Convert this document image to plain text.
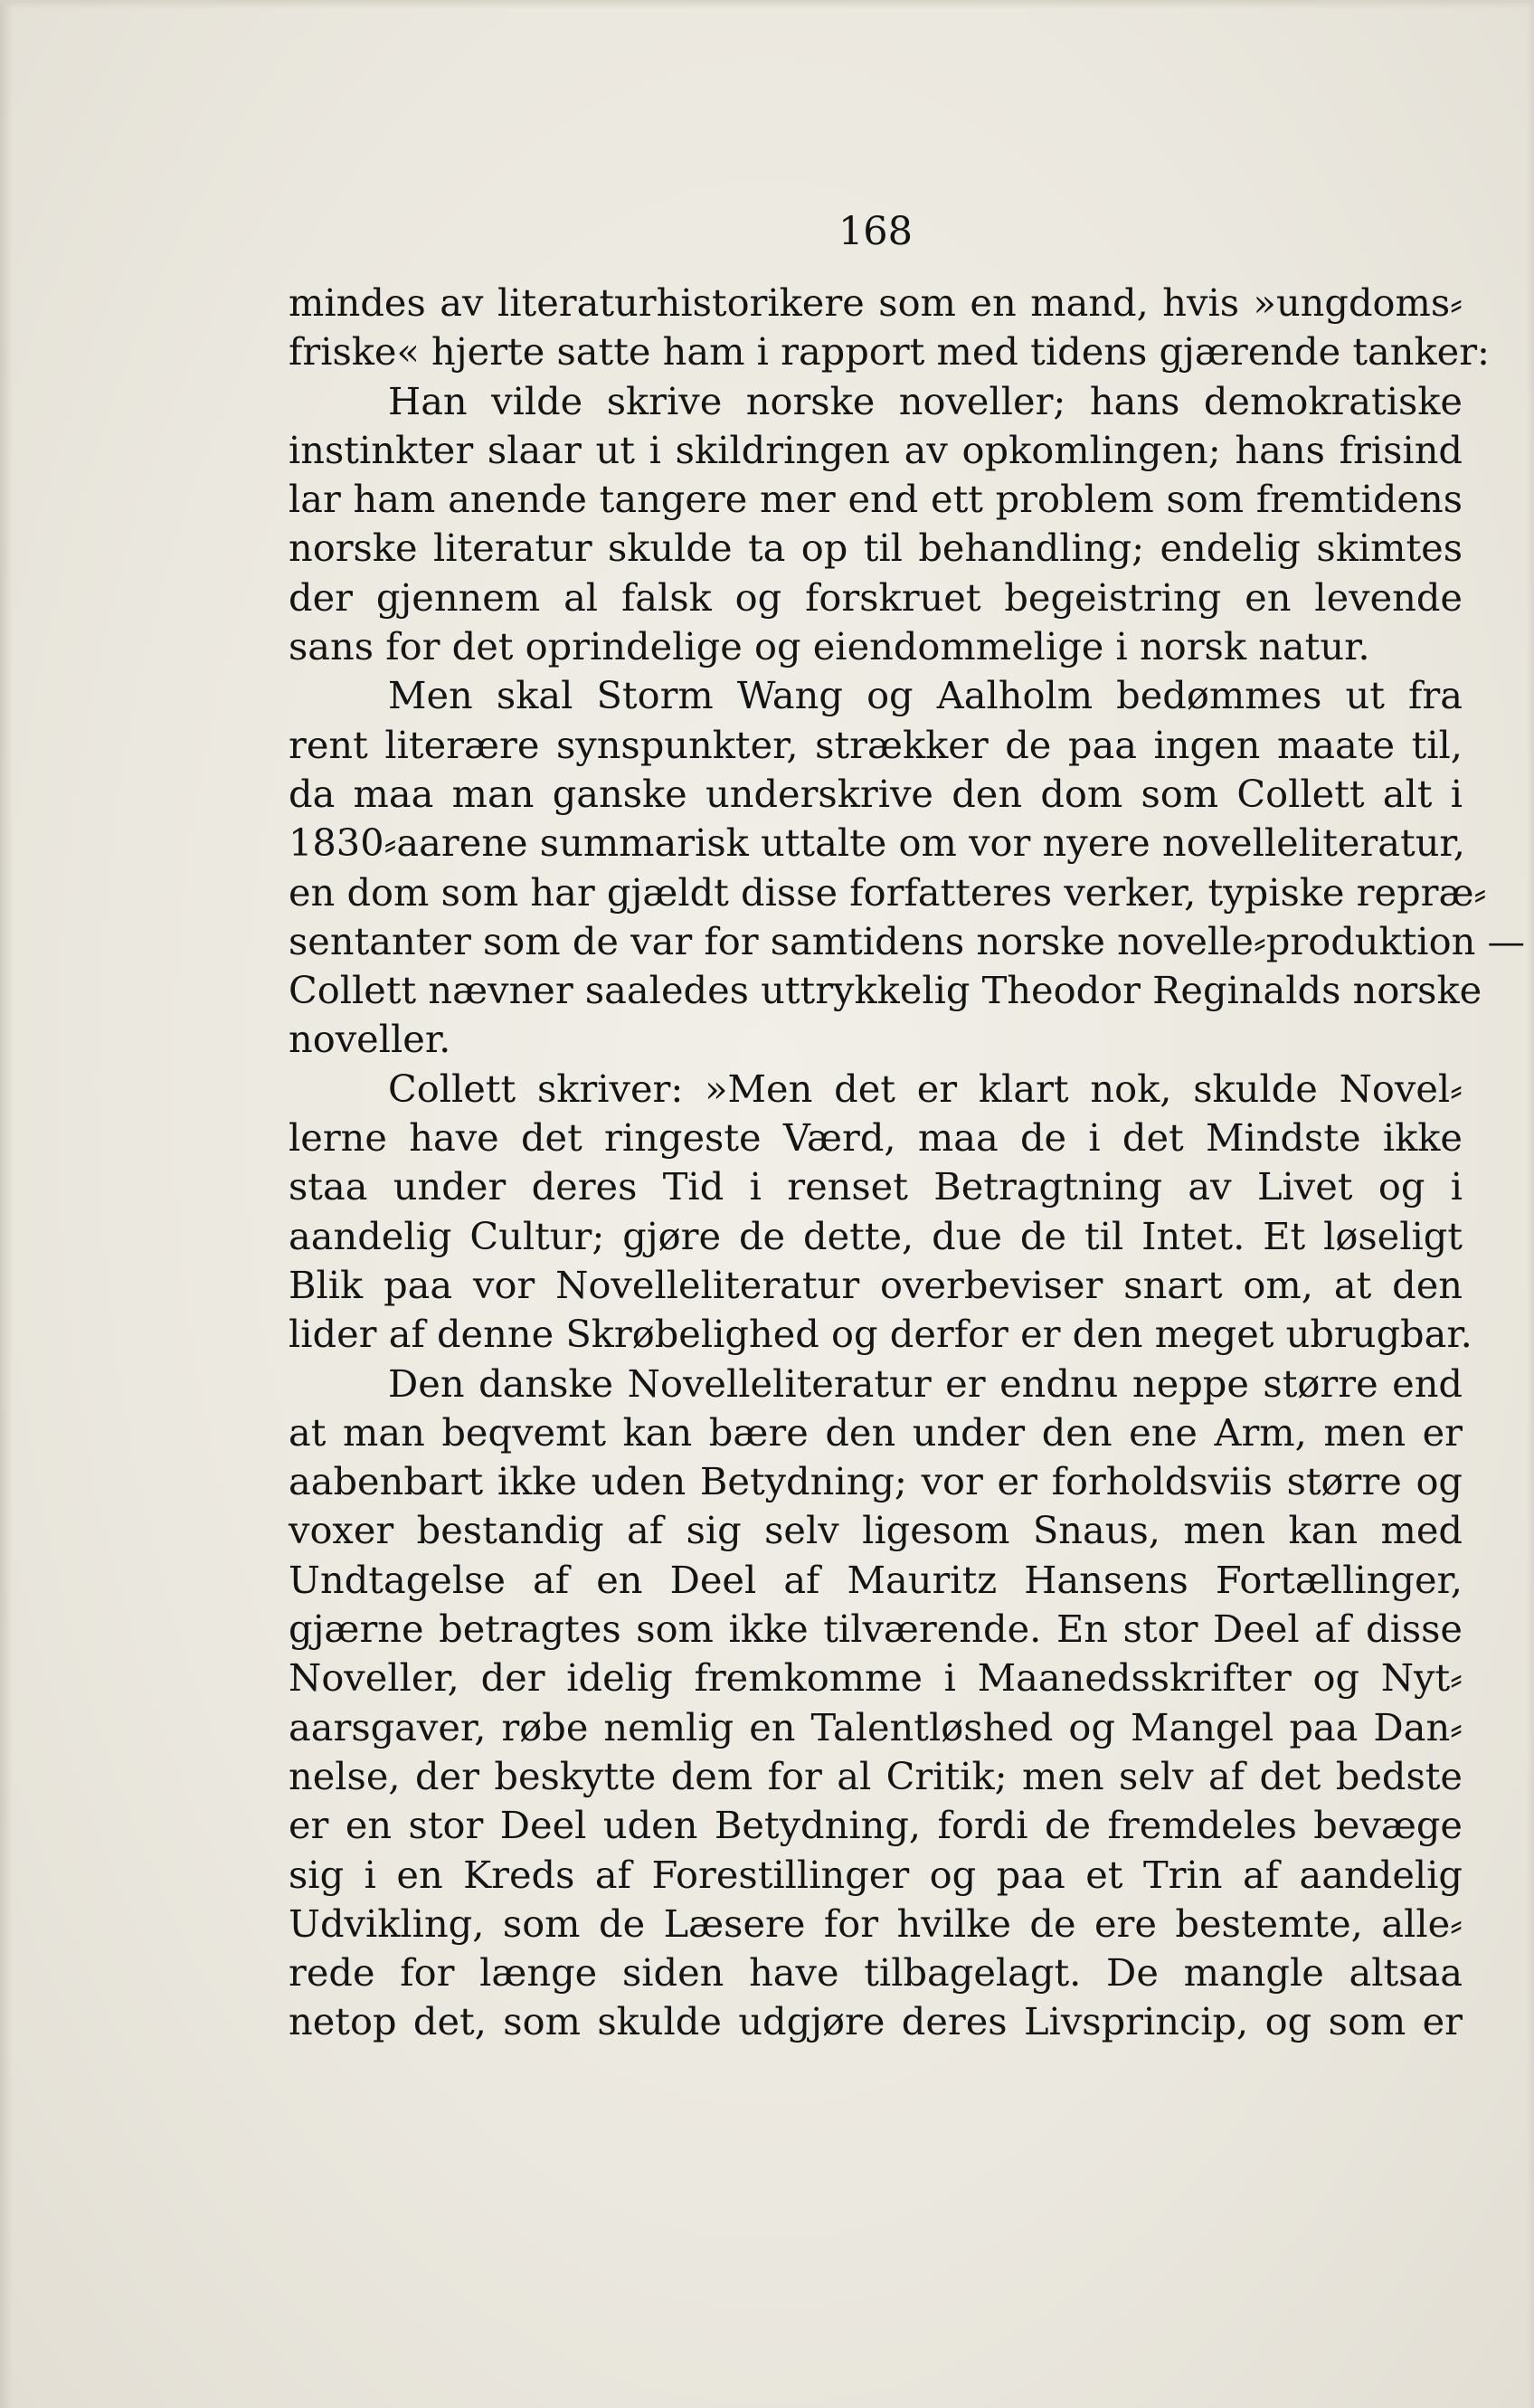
168
mindes av literaturhistorikere som en mand, hvis »ungdoms⸗
friske« hjerte satte ham i rapport med tidens gjærende tanker:
Han vilde skrive norske noveller; hans demokratiske
instinkter slaar ut i skildringen av opkomlingen; hans frisind
lar ham anende tangere mer end ett problem som fremtidens
norske literatur skulde ta op til behandling; endelig skimtes
der gjennem al falsk og forskruet begeistring en levende
sans for det oprindelige og eiendommelige i norsk natur.
Men skal Storm Wang og Aalholm bedømmes ut fra
rent literære synspunkter, strækker de paa ingen maate til,
da maa man ganske underskrive den dom som Collett alt i
1830⸗aarene summarisk uttalte om vor nyere novelleliteratur,
en dom som har gjældt disse forfatteres verker, typiske repræ⸗
sentanter som de var for samtidens norske novelle⸗produktion —
Collett nævner saaledes uttrykkelig Theodor Reginalds norske
noveller.
Collett skriver: »Men det er klart nok, skulde Novel⸗
lerne have det ringeste Værd, maa de i det Mindste ikke
staa under deres Tid i renset Betragtning av Livet og i
aandelig Cultur; gjøre de dette, due de til Intet. Et løseligt
Blik paa vor Novelleliteratur overbeviser snart om, at den
lider af denne Skrøbelighed og derfor er den meget ubrugbar.
Den danske Novelleliteratur er endnu neppe større end
at man beqvemt kan bære den under den ene Arm, men er
aabenbart ikke uden Betydning; vor er forholdsviis større og
voxer bestandig af sig selv ligesom Snaus, men kan med
Undtagelse af en Deel af Mauritz Hansens Fortællinger,
gjærne betragtes som ikke tilværende. En stor Deel af disse
Noveller, der idelig fremkomme i Maanedsskrifter og Nyt⸗
aarsgaver, røbe nemlig en Talentløshed og Mangel paa Dan⸗
nelse, der beskytte dem for al Critik; men selv af det bedste
er en stor Deel uden Betydning, fordi de fremdeles bevæge
sig i en Kreds af Forestillinger og paa et Trin af aandelig
Udvikling, som de Læsere for hvilke de ere bestemte, alle⸗
rede for længe siden have tilbagelagt. De mangle altsaa
netop det, som skulde udgjøre deres Livsprincip, og som er
